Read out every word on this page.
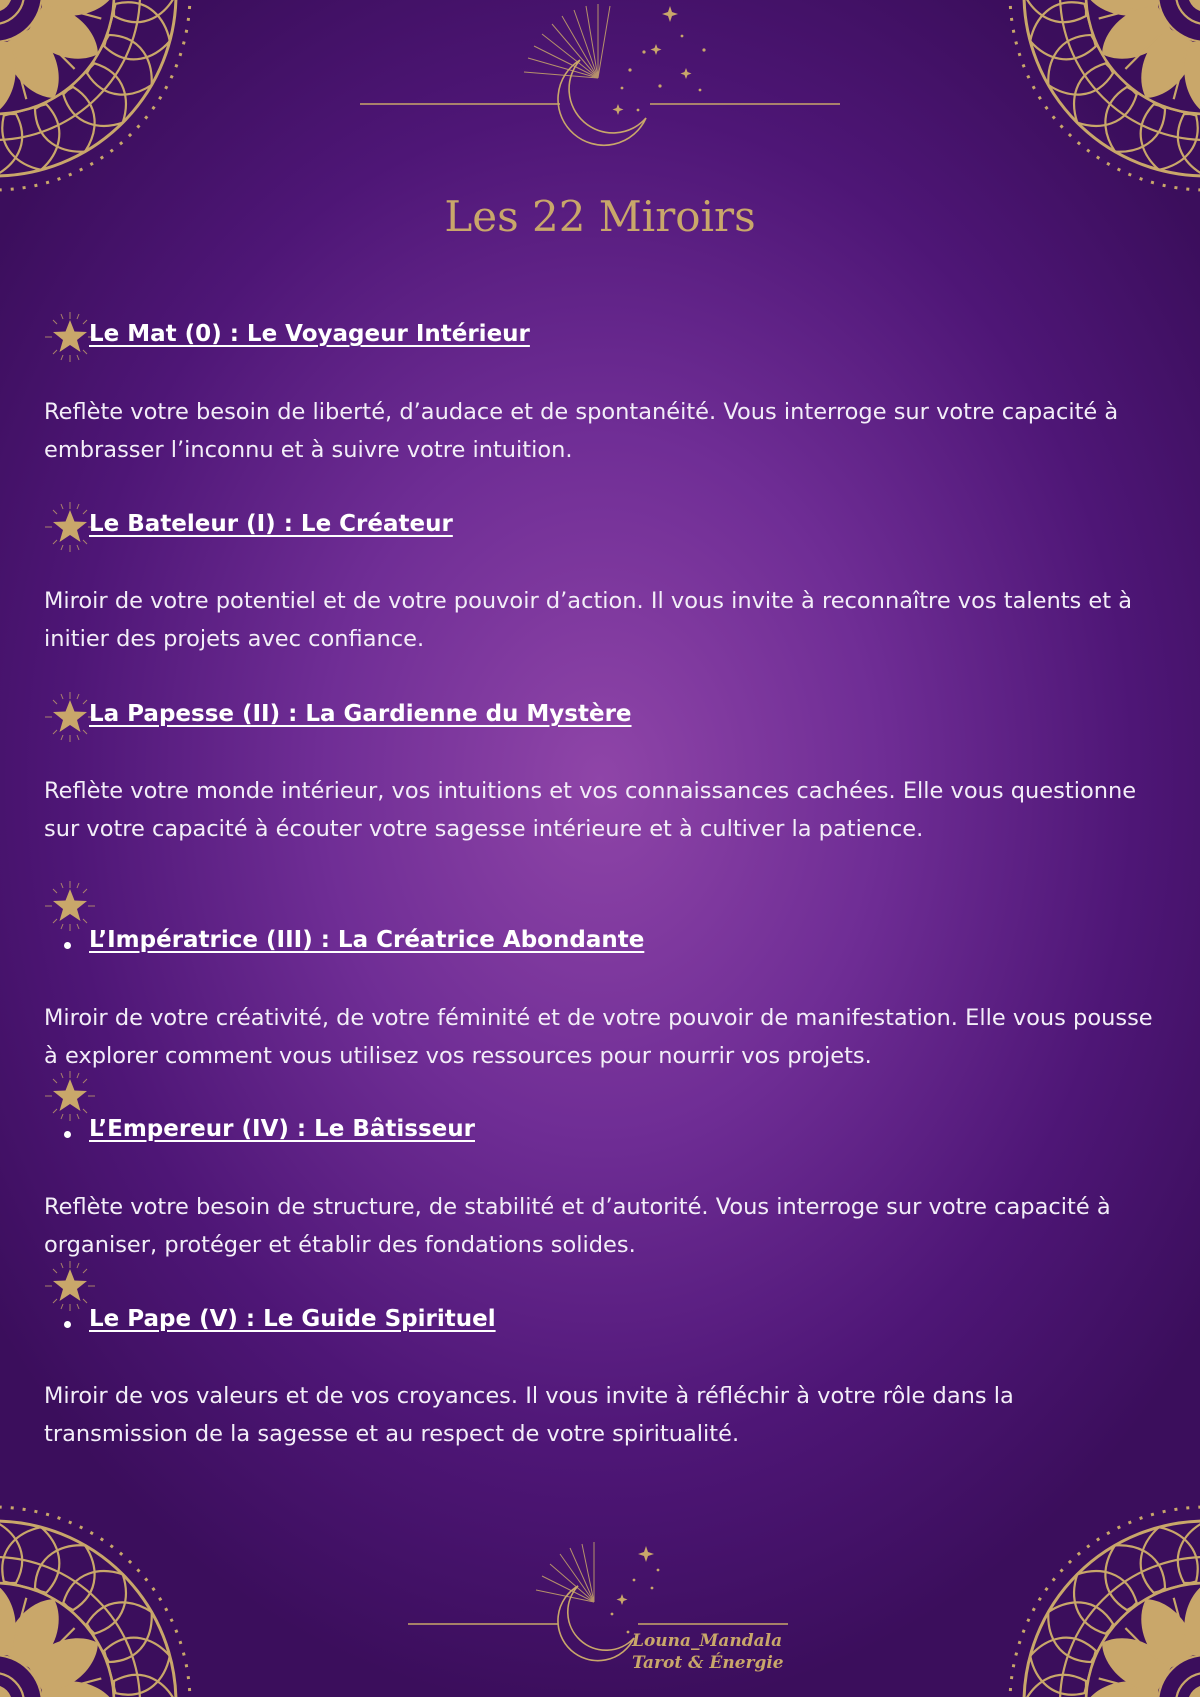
Les 22 Miroirs
Le Mat (0) : Le Voyageur Intérieur

Reflète votre besoin de liberté, d’audace et de spontanéité. Vous interroge sur votre capacité à embrasser l’inconnu et à suivre votre intuition.

Le Bateleur (I) : Le Créateur

Miroir de votre potentiel et de votre pouvoir d’action. Il vous invite à reconnaître vos talents et à initier des projets avec confiance.

La Papesse (II) : La Gardienne du Mystère

Reflète votre monde intérieur, vos intuitions et vos connaissances cachées. Elle vous questionne sur votre capacité à écouter votre sagesse intérieure et à cultiver la patience.

L’Impératrice (III) : La Créatrice Abondante

Miroir de votre créativité, de votre féminité et de votre pouvoir de manifestation. Elle vous pousse à explorer comment vous utilisez vos ressources pour nourrir vos projets.

L’Empereur (IV) : Le Bâtisseur

Reflète votre besoin de structure, de stabilité et d’autorité. Vous interroge sur votre capacité à organiser, protéger et établir des fondations solides.

Le Pape (V) : Le Guide Spirituel

Miroir de vos valeurs et de vos croyances. Il vous invite à réfléchir à votre rôle dans la transmission de la sagesse et au respect de votre spiritualité.

Louna_Mandala
Tarot & Énergie
